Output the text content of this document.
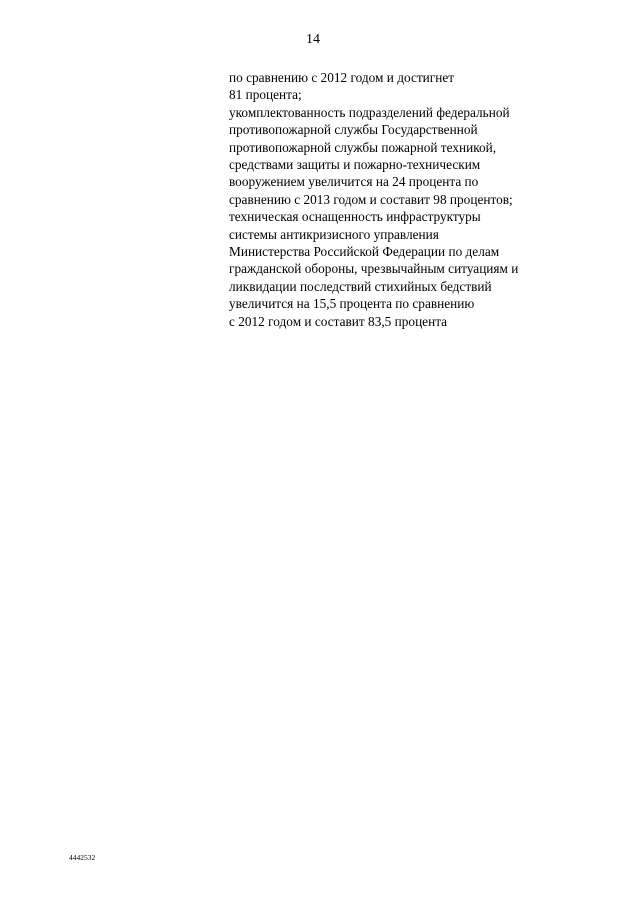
14
по сравнению с 2012 годом и достигнет
81 процента;
укомплектованность подразделений федеральной
противопожарной службы Государственной
противопожарной службы пожарной техникой,
средствами защиты и пожарно-техническим
вооружением увеличится на 24 процента по
сравнению с 2013 годом и составит 98 процентов;
техническая оснащенность инфраструктуры
системы антикризисного управления
Министерства Российской Федерации по делам
гражданской обороны, чрезвычайным ситуациям и
ликвидации последствий стихийных бедствий
увеличится на 15,5 процента по сравнению
с 2012 годом и составит 83,5 процента
4442532
